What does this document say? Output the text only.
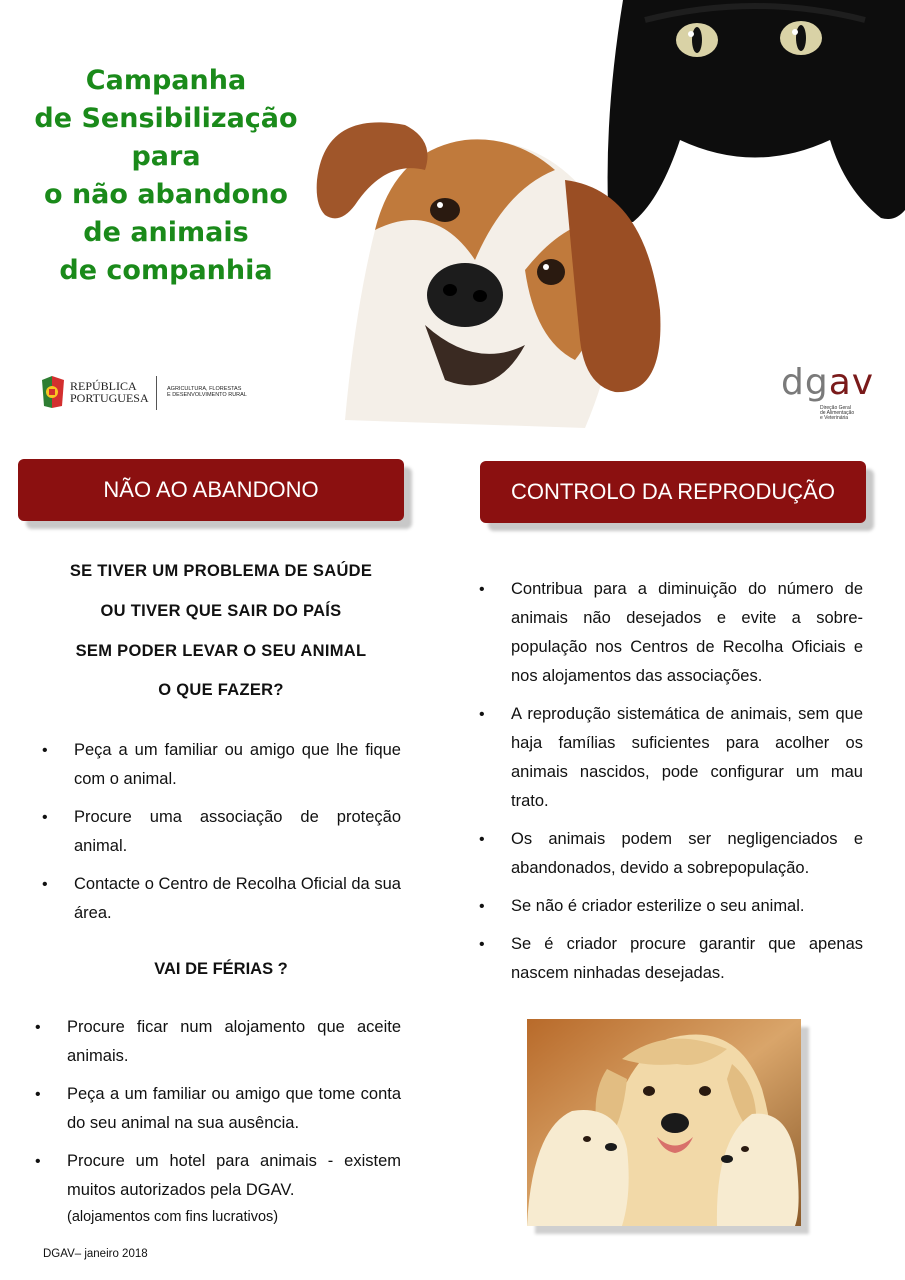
Campanha
de Sensibilização
para
o não abandono
de animais
de companhia
REPÚBLICA
PORTUGUESA
AGRICULTURA, FLORESTAS
E DESENVOLVIMENTO RURAL	dgav
Direção Geral
de Alimentação
e Veterinária
NÃO AO ABANDONO	CONTROLO DA REPRODUÇÃO
SE TIVER UM PROBLEMA DE SAÚDE
OU TIVER QUE SAIR DO PAÍS
SEM PODER LEVAR O SEU ANIMAL
O QUE FAZER?
• Peça a um familiar ou amigo que lhe fique com o animal.
• Procure uma associação de proteção animal.
• Contacte o Centro de Recolha Oficial da sua área.
VAI DE FÉRIAS ?
• Procure ficar num alojamento que aceite animais.
• Peça a um familiar ou amigo que tome conta do seu animal na sua ausência.
• Procure um hotel para animais - existem muitos autorizados pela DGAV.
(alojamentos com fins lucrativos)
• Contribua para a diminuição do número de animais não desejados e evite a sobre-população nos Centros de Recolha Oficiais e nos alojamentos das associações.
• A reprodução sistemática de animais, sem que haja famílias suficientes para acolher os animais nascidos, pode configurar um mau trato.
• Os animais podem ser negligenciados e abandonados, devido a sobrepopulação.
• Se não é criador esterilize o seu animal.
• Se é criador procure garantir que apenas nascem ninhadas desejadas.
DGAV– janeiro 2018
